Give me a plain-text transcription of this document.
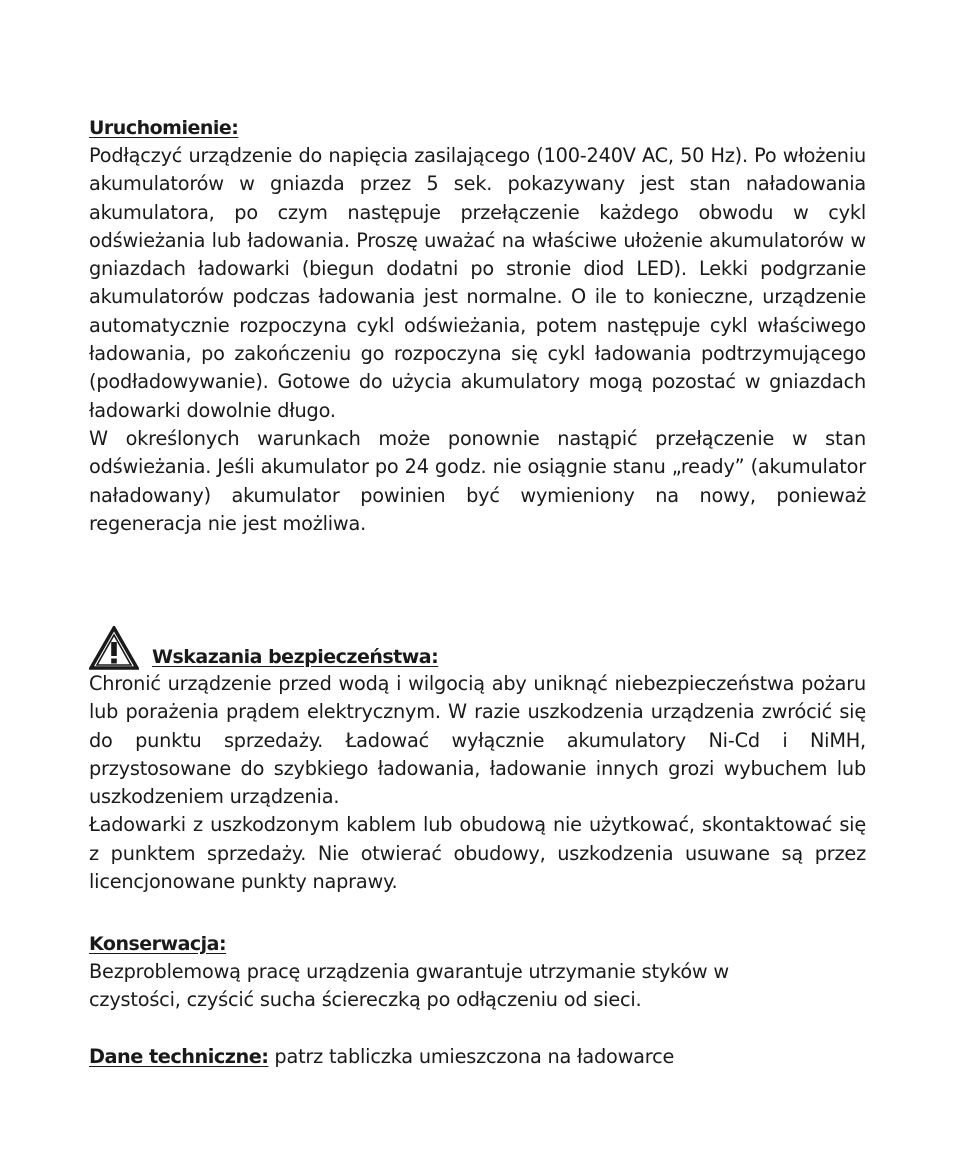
Uruchomienie:

Podłączyć urządzenie do napięcia zasilającego (100-240V AC, 50 Hz). Po włożeniu akumulatorów w gniazda przez 5 sek. pokazywany jest stan naładowania akumulatora, po czym następuje przełączenie każdego obwodu w cykl odświeżania lub ładowania. Proszę uważać na właściwe ułożenie akumulatorów w gniazdach ładowarki (biegun dodatni po stronie diod LED). Lekki podgrzanie akumulatorów podczas ładowania jest normalne. O ile to konieczne, urządzenie automatycznie rozpoczyna cykl odświeżania, potem następuje cykl właściwego ładowania, po zakończeniu go rozpoczyna się cykl ładowania podtrzymującego (podładowywanie). Gotowe do użycia akumulatory mogą pozostać w gniazdach ładowarki dowolnie długo.

W określonych warunkach może ponownie nastąpić przełączenie w stan odświeżania. Jeśli akumulator po 24 godz. nie osiągnie stanu „ready” (akumulator naładowany) akumulator powinien być wymieniony na nowy, ponieważ regeneracja nie jest możliwa.

Wskazania bezpieczeństwa:

Chronić urządzenie przed wodą i wilgocią aby uniknąć niebezpieczeństwa pożaru lub porażenia prądem elektrycznym. W razie uszkodzenia urządzenia zwrócić się do punktu sprzedaży. Ładować wyłącznie akumulatory Ni-Cd i NiMH, przystosowane do szybkiego ładowania, ładowanie innych grozi wybuchem lub uszkodzeniem urządzenia.

Ładowarki z uszkodzonym kablem lub obudową nie użytkować, skontaktować się z punktem sprzedaży. Nie otwierać obudowy, uszkodzenia usuwane są przez licencjonowane punkty naprawy.

Konserwacja:

Bezproblemową pracę urządzenia gwarantuje utrzymanie styków w

czystości, czyścić sucha ściereczką po odłączeniu od sieci.

Dane techniczne: patrz tabliczka umieszczona na ładowarce
